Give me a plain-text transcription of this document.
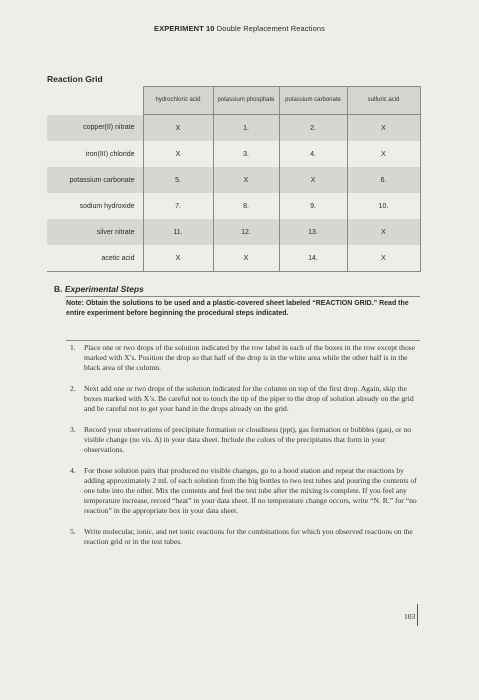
EXPERIMENT 10 Double Replacement Reactions
Reaction Grid
	hydrochloric acid	potassium phosphate	potassium carbonate	sulfuric acid
copper(II) nitrate	X	1.	2.	X
iron(III) chloride	X	3.	4.	X
potassium carbonate	5.	X	X	6.
sodium hydroxide	7.	8.	9.	10.
silver nitrate	11.	12.	13.	X
acetic acid	X	X	14.	X
B. Experimental Steps
Note: Obtain the solutions to be used and a plastic-covered sheet labeled “REACTION GRID.” Read the entire experiment before beginning the procedural steps indicated.
1. Place one or two drops of the solution indicated by the row label in each of the boxes in the row except those marked with X’s. Position the drop so that half of the drop is in the white area while the other half is in the black area of the column.
2. Next add one or two drops of the solution indicated for the column on top of the first drop. Again, skip the boxes marked with X’s. Be careful not to touch the tip of the pipet to the drop of solution already on the grid and be careful not to get your hand in the drops already on the grid.
3. Record your observations of precipitate formation or cloudiness (ppt), gas formation or bubbles (gas), or no visible change (no vis. Δ) in your data sheet. Include the colors of the precipitates that form in your observations.
4. For those solution pairs that produced no visible changes, go to a hood station and repeat the reactions by adding approximately 2 mL of each solution from the big bottles to two test tubes and pouring the contents of one tube into the other. Mix the contents and feel the test tube after the mixing is complete. If you feel any temperature increase, record “heat” in your data sheet. If no temperature change occurs, write “N. R.” for “no reaction” in the appropriate box in your data sheet.
5. Write molecular, ionic, and net ionic reactions for the combinations for which you observed reactions on the reaction grid or in the test tubes.
103
